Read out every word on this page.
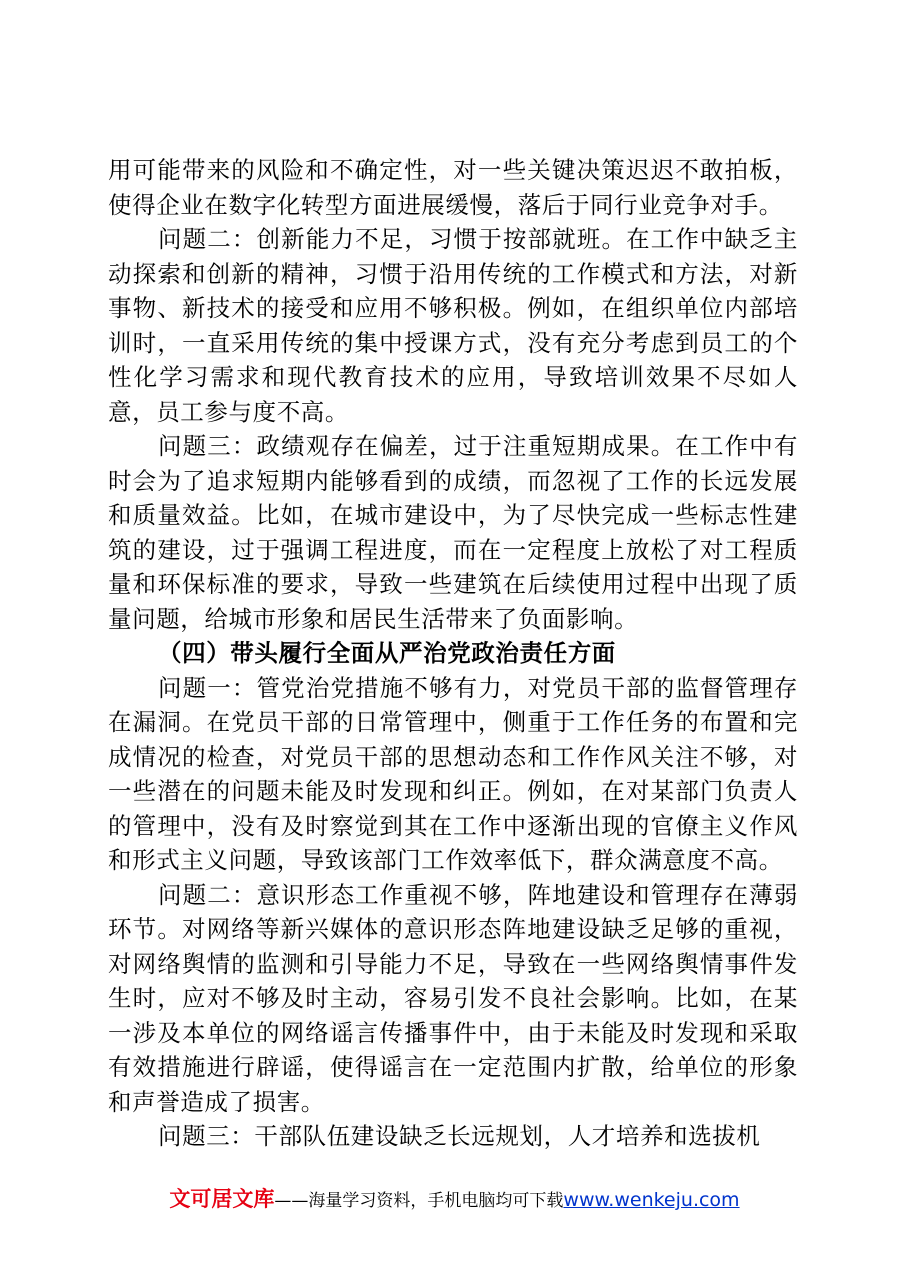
用可能带来的风险和不确定性，对一些关键决策迟迟不敢拍板，使得企业在数字化转型方面进展缓慢，落后于同行业竞争对手。

问题二：创新能力不足，习惯于按部就班。在工作中缺乏主动探索和创新的精神，习惯于沿用传统的工作模式和方法，对新事物、新技术的接受和应用不够积极。例如，在组织单位内部培训时，一直采用传统的集中授课方式，没有充分考虑到员工的个性化学习需求和现代教育技术的应用，导致培训效果不尽如人意，员工参与度不高。

问题三：政绩观存在偏差，过于注重短期成果。在工作中有时会为了追求短期内能够看到的成绩，而忽视了工作的长远发展和质量效益。比如，在城市建设中，为了尽快完成一些标志性建筑的建设，过于强调工程进度，而在一定程度上放松了对工程质量和环保标准的要求，导致一些建筑在后续使用过程中出现了质量问题，给城市形象和居民生活带来了负面影响。

（四）带头履行全面从严治党政治责任方面

问题一：管党治党措施不够有力，对党员干部的监督管理存在漏洞。在党员干部的日常管理中，侧重于工作任务的布置和完成情况的检查，对党员干部的思想动态和工作作风关注不够，对一些潜在的问题未能及时发现和纠正。例如，在对某部门负责人的管理中，没有及时察觉到其在工作中逐渐出现的官僚主义作风和形式主义问题，导致该部门工作效率低下，群众满意度不高。

问题二：意识形态工作重视不够，阵地建设和管理存在薄弱环节。对网络等新兴媒体的意识形态阵地建设缺乏足够的重视，对网络舆情的监测和引导能力不足，导致在一些网络舆情事件发生时，应对不够及时主动，容易引发不良社会影响。比如，在某一涉及本单位的网络谣言传播事件中，由于未能及时发现和采取有效措施进行辟谣，使得谣言在一定范围内扩散，给单位的形象和声誉造成了损害。

问题三：干部队伍建设缺乏长远规划，人才培养和选拔机

文可居文库——海量学习资料，手机电脑均可下载www.wenkeju.com
